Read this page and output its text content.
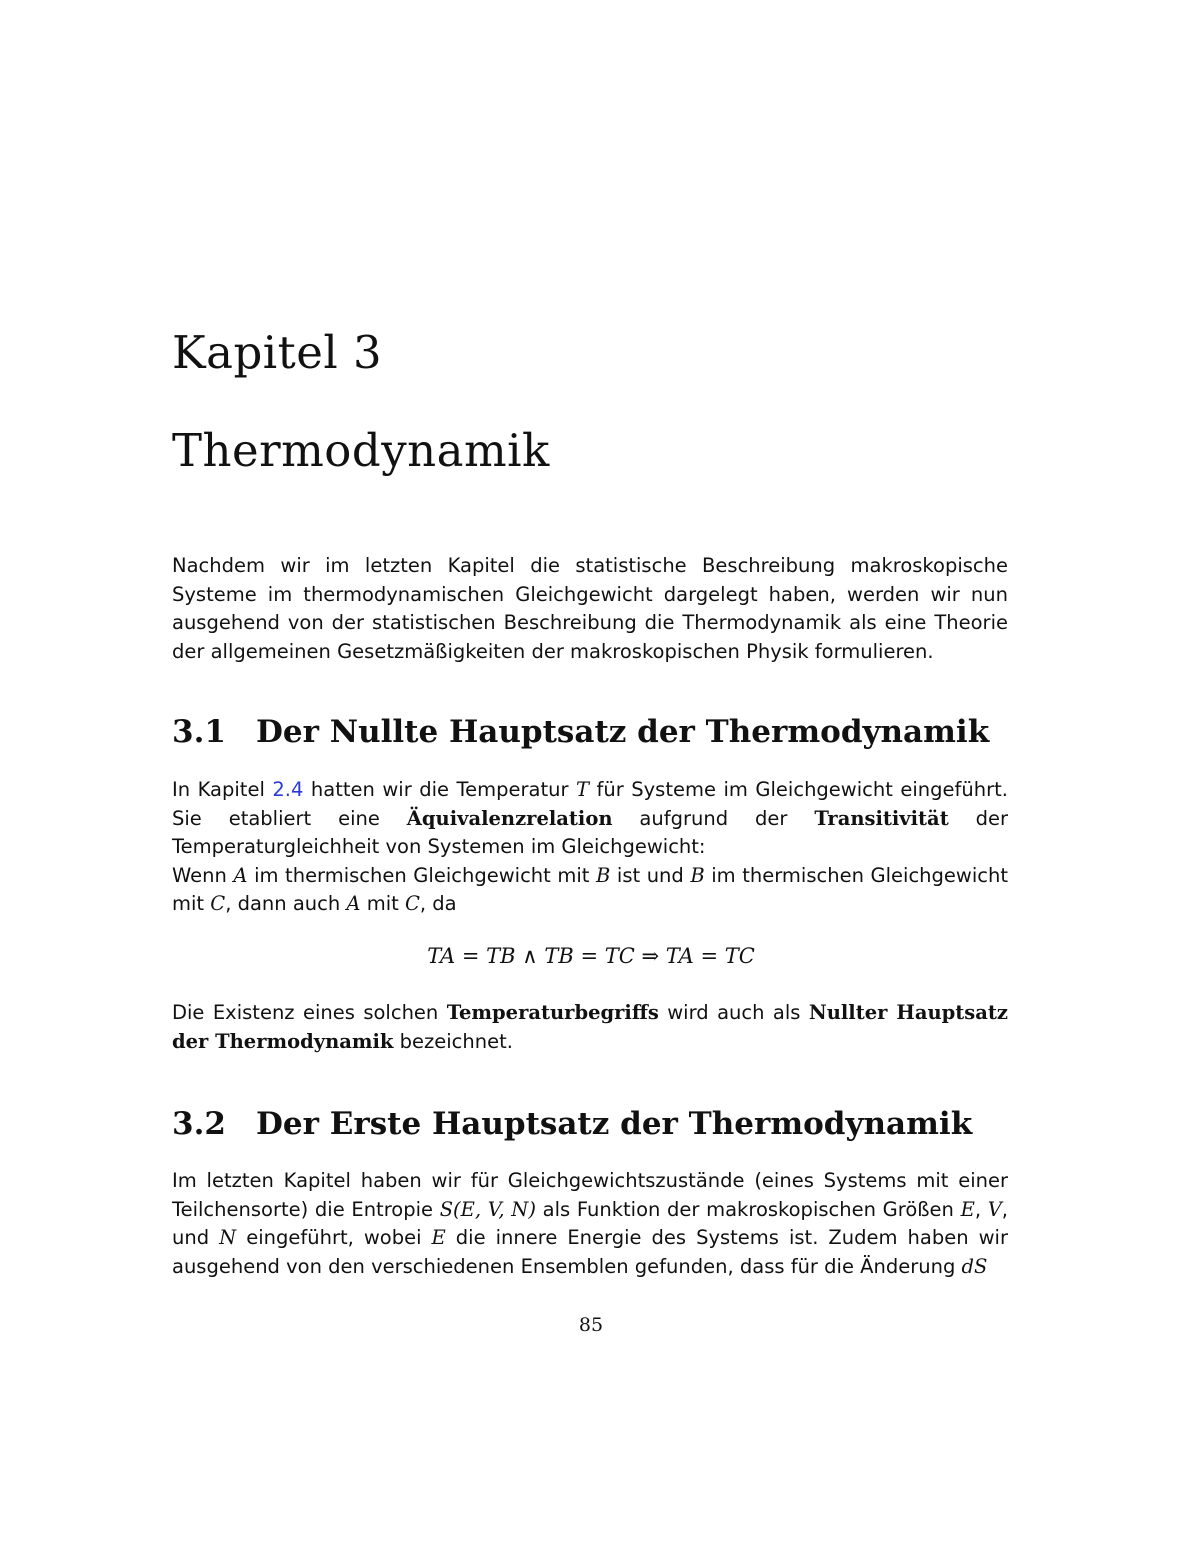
Kapitel 3
Thermodynamik

Nachdem wir im letzten Kapitel die statistische Beschreibung makroskopische Systeme im thermodynamischen Gleichgewicht dargelegt haben, werden wir nun ausgehend von der statistischen Beschreibung die Thermodynamik als eine Theorie der allgemeinen Gesetzmäßigkeiten der makroskopischen Physik formulieren.

3.1 Der Nullte Hauptsatz der Thermodynamik

In Kapitel 2.4 hatten wir die Temperatur T für Systeme im Gleichgewicht eingeführt. Sie etabliert eine Äquivalenzrelation aufgrund der Transitivität der Temperaturgleichheit von Systemen im Gleichgewicht:
Wenn A im thermischen Gleichgewicht mit B ist und B im thermischen Gleichgewicht mit C, dann auch A mit C, da

TA = TB ∧ TB = TC ⇒ TA = TC

Die Existenz eines solchen Temperaturbegriffs wird auch als Nullter Hauptsatz der Thermodynamik bezeichnet.

3.2 Der Erste Hauptsatz der Thermodynamik

Im letzten Kapitel haben wir für Gleichgewichtszustände (eines Systems mit einer Teilchensorte) die Entropie S(E, V, N) als Funktion der makroskopischen Größen E, V, und N eingeführt, wobei E die innere Energie des Systems ist. Zudem haben wir ausgehend von den verschiedenen Ensemblen gefunden, dass für die Änderung dS

85
